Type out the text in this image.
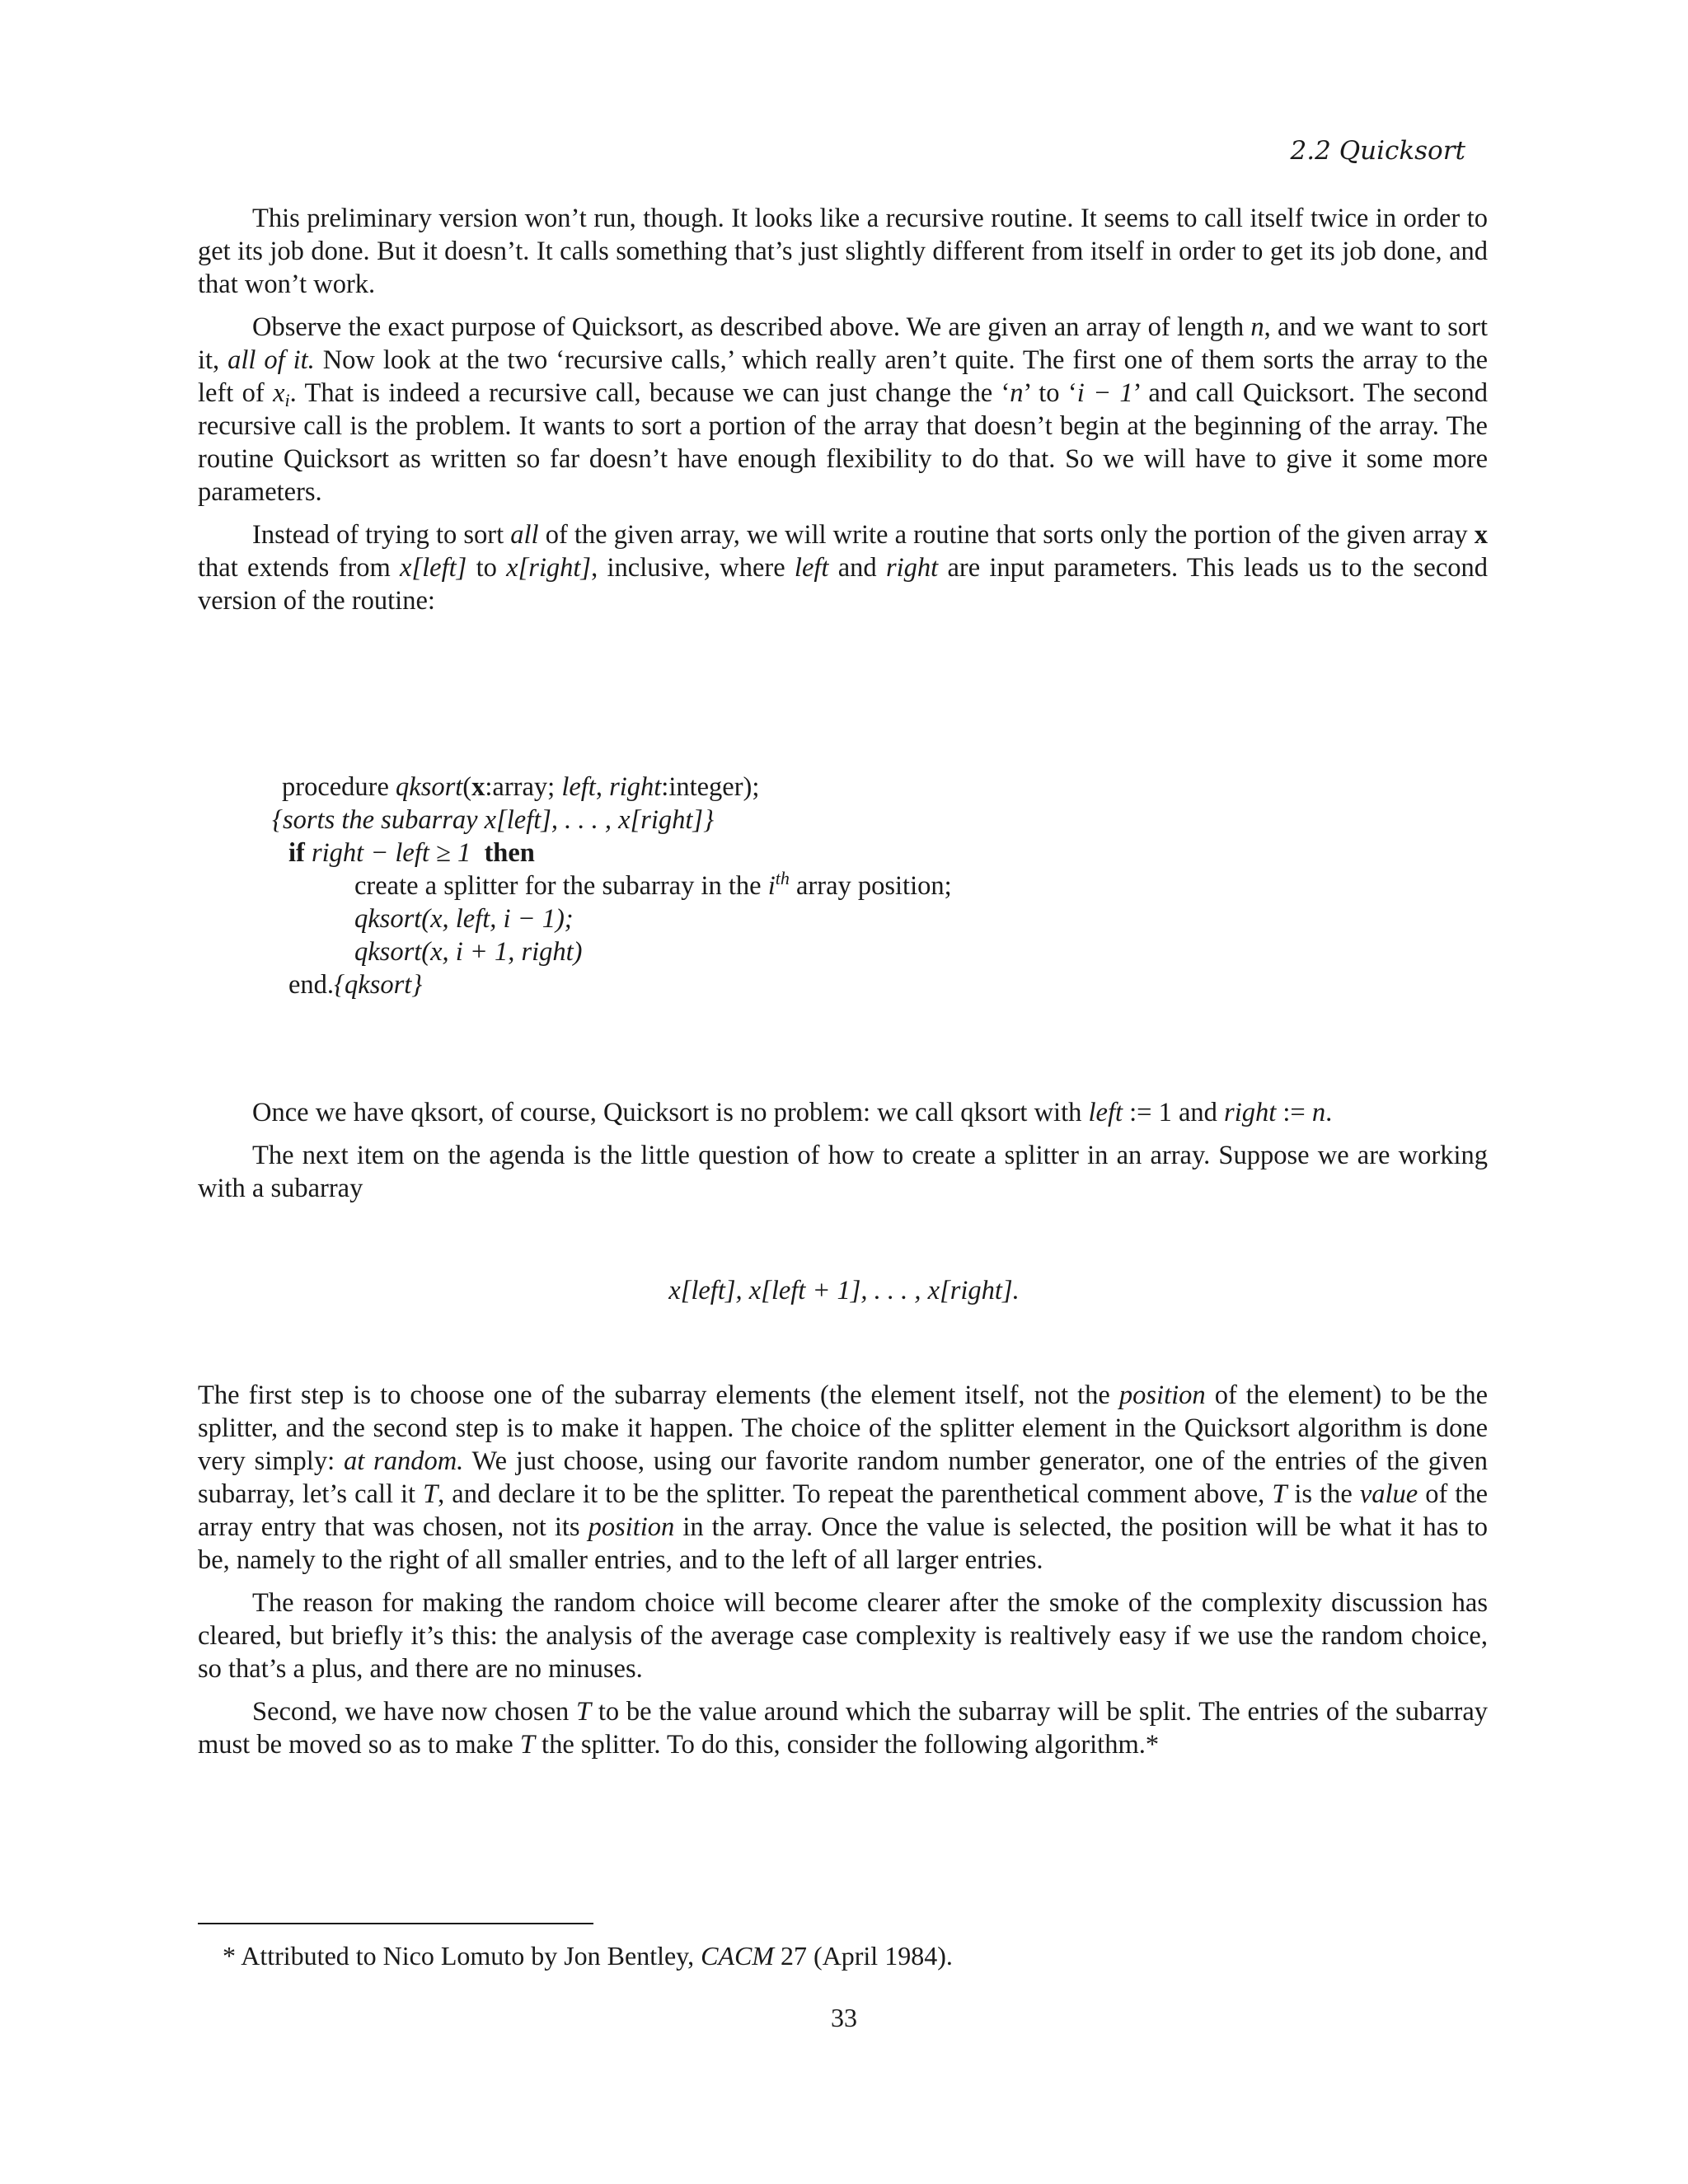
2.2 Quicksort

This preliminary version won’t run, though. It looks like a recursive routine. It seems to call itself twice in order to get its job done. But it doesn’t. It calls something that’s just slightly different from itself in order to get its job done, and that won’t work.

Observe the exact purpose of Quicksort, as described above. We are given an array of length n, and we want to sort it, all of it. Now look at the two ‘recursive calls,’ which really aren’t quite. The first one of them sorts the array to the left of $x_i$. That is indeed a recursive call, because we can just change the ‘n’ to ‘i − 1’ and call Quicksort. The second recursive call is the problem. It wants to sort a portion of the array that doesn’t begin at the beginning of the array. The routine Quicksort as written so far doesn’t have enough flexibility to do that. So we will have to give it some more parameters.

Instead of trying to sort all of the given array, we will write a routine that sorts only the portion of the given array x that extends from x[left] to x[right], inclusive, where left and right are input parameters. This leads us to the second version of the routine:

procedure qksort(x:array; left, right:integer);
{sorts the subarray x[left], . . . , x[right]}
if right − left ≥ 1  then
create a splitter for the subarray in the $i^{th}$ array position;
qksort(x, left, i − 1);
qksort(x, i + 1, right)
end.{qksort}

Once we have qksort, of course, Quicksort is no problem: we call qksort with left := 1 and right := n.

The next item on the agenda is the little question of how to create a splitter in an array. Suppose we are working with a subarray

x[left], x[left + 1], . . . , x[right].

The first step is to choose one of the subarray elements (the element itself, not the position of the element) to be the splitter, and the second step is to make it happen. The choice of the splitter element in the Quicksort algorithm is done very simply: at random. We just choose, using our favorite random number generator, one of the entries of the given subarray, let’s call it T, and declare it to be the splitter. To repeat the parenthetical comment above, T is the value of the array entry that was chosen, not its position in the array. Once the value is selected, the position will be what it has to be, namely to the right of all smaller entries, and to the left of all larger entries.

The reason for making the random choice will become clearer after the smoke of the complexity discussion has cleared, but briefly it’s this: the analysis of the average case complexity is realtively easy if we use the random choice, so that’s a plus, and there are no minuses.

Second, we have now chosen T to be the value around which the subarray will be split. The entries of the subarray must be moved so as to make T the splitter. To do this, consider the following algorithm.*

* Attributed to Nico Lomuto by Jon Bentley, CACM 27 (April 1984).
33
